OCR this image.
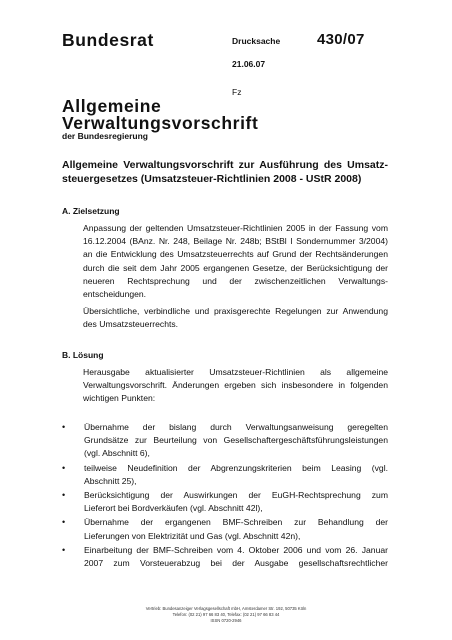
Bundesrat	Drucksache 430/07
21.06.07
Fz
Allgemeine
Verwaltungsvorschrift
der Bundesregierung
Allgemeine Verwaltungsvorschrift zur Ausführung des Umsatz-
steuergesetzes (Umsatzsteuer-Richtlinien 2008 - UStR 2008)
A. Zielsetzung
Anpassung der geltenden Umsatzsteuer-Richtlinien 2005 in der Fassung vom
16.12.2004 (BAnz. Nr. 248, Beilage Nr. 248b; BStBl I Sondernummer 3/2004)
an die Entwicklung des Umsatzsteuerrechts auf Grund der Rechtsänderungen
durch die seit dem Jahr 2005 ergangenen Gesetze, der Berücksichtigung der
neueren Rechtsprechung und der zwischenzeitlichen Verwaltungs-
entscheidungen.
Übersichtliche, verbindliche und praxisgerechte Regelungen zur Anwendung
des Umsatzsteuerrechts.
B. Lösung
Herausgabe aktualisierter Umsatzsteuer-Richtlinien als allgemeine
Verwaltungsvorschrift. Änderungen ergeben sich insbesondere in folgenden
wichtigen Punkten:
• Übernahme der bislang durch Verwaltungsanweisung geregelten
Grundsätze zur Beurteilung von Gesellschaftergeschäftsführungsleistungen
(vgl. Abschnitt 6),
• teilweise Neudefinition der Abgrenzungskriterien beim Leasing (vgl.
Abschnitt 25),
• Berücksichtigung der Auswirkungen der EuGH-Rechtsprechung zum
Lieferort bei Bordverkäufen (vgl. Abschnitt 42l),
• Übernahme der ergangenen BMF-Schreiben zur Behandlung der
Lieferungen von Elektrizität und Gas (vgl. Abschnitt 42n),
• Einarbeitung der BMF-Schreiben vom 4. Oktober 2006 und vom 26. Januar
2007 zum Vorsteuerabzug bei der Ausgabe gesellschaftsrechtlicher
Vertrieb: Bundesanzeiger Verlagsgesellschaft mbH, Amsterdamer Str. 192, 50735 Köln
Telefon: (02 21) 97 66 83 40, Telefax: (02 21) 97 66 83 44
ISSN 0720-2946
